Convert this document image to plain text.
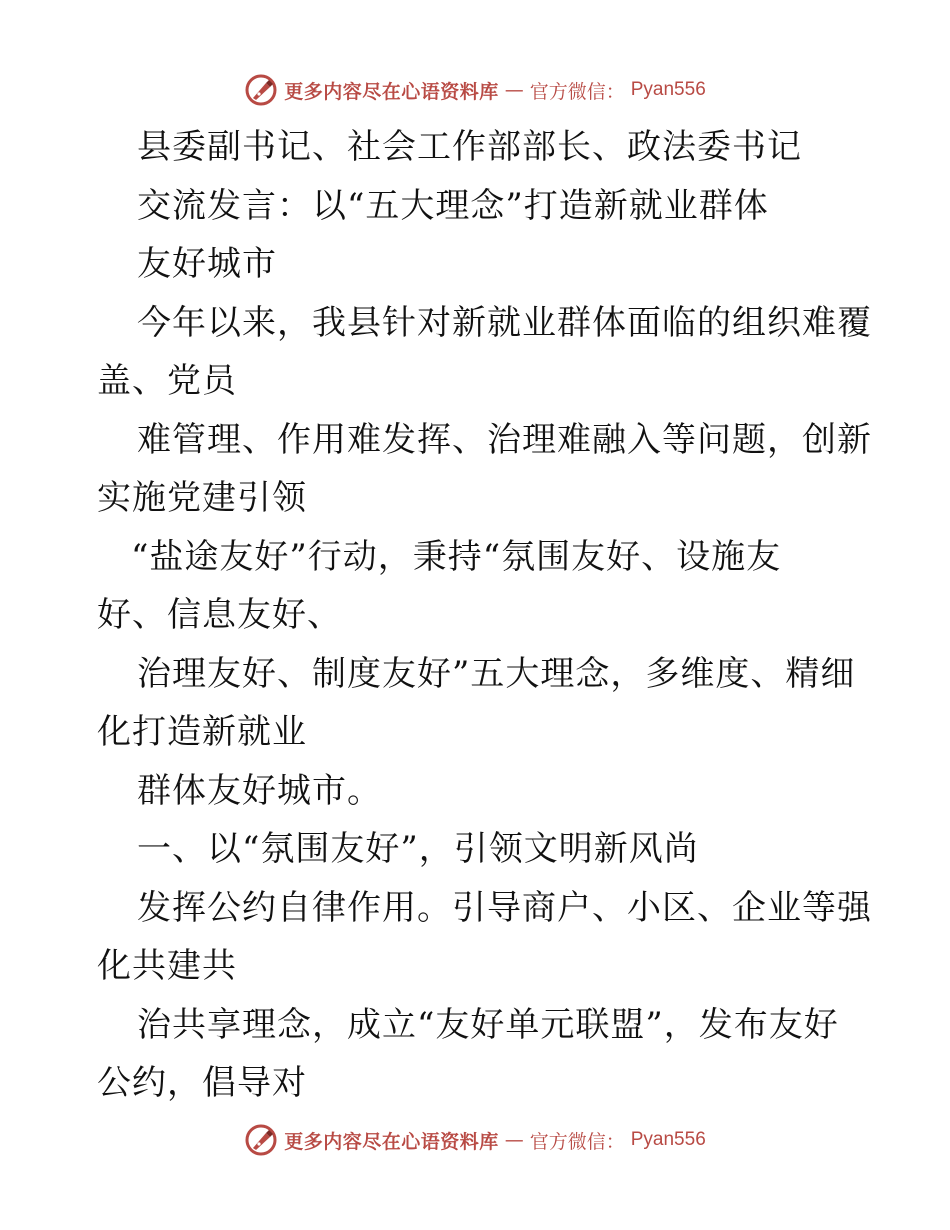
更多内容尽在心语资料库 — 官方微信： Pyan556
县委副书记、社会工作部部长、政法委书记
交流发言：以“五大理念”打造新就业群体
友好城市
今年以来，我县针对新就业群体面临的组织难覆
盖、党员
难管理、作用难发挥、治理难融入等问题，创新
实施党建引领
“盐途友好”行动，秉持“氛围友好、设施友
好、信息友好、
治理友好、制度友好”五大理念，多维度、精细
化打造新就业
群体友好城市。
一、以“氛围友好”，引领文明新风尚
发挥公约自律作用。引导商户、小区、企业等强
化共建共
治共享理念，成立“友好单元联盟”，发布友好
公约，倡导对
更多内容尽在心语资料库 — 官方微信： Pyan556
